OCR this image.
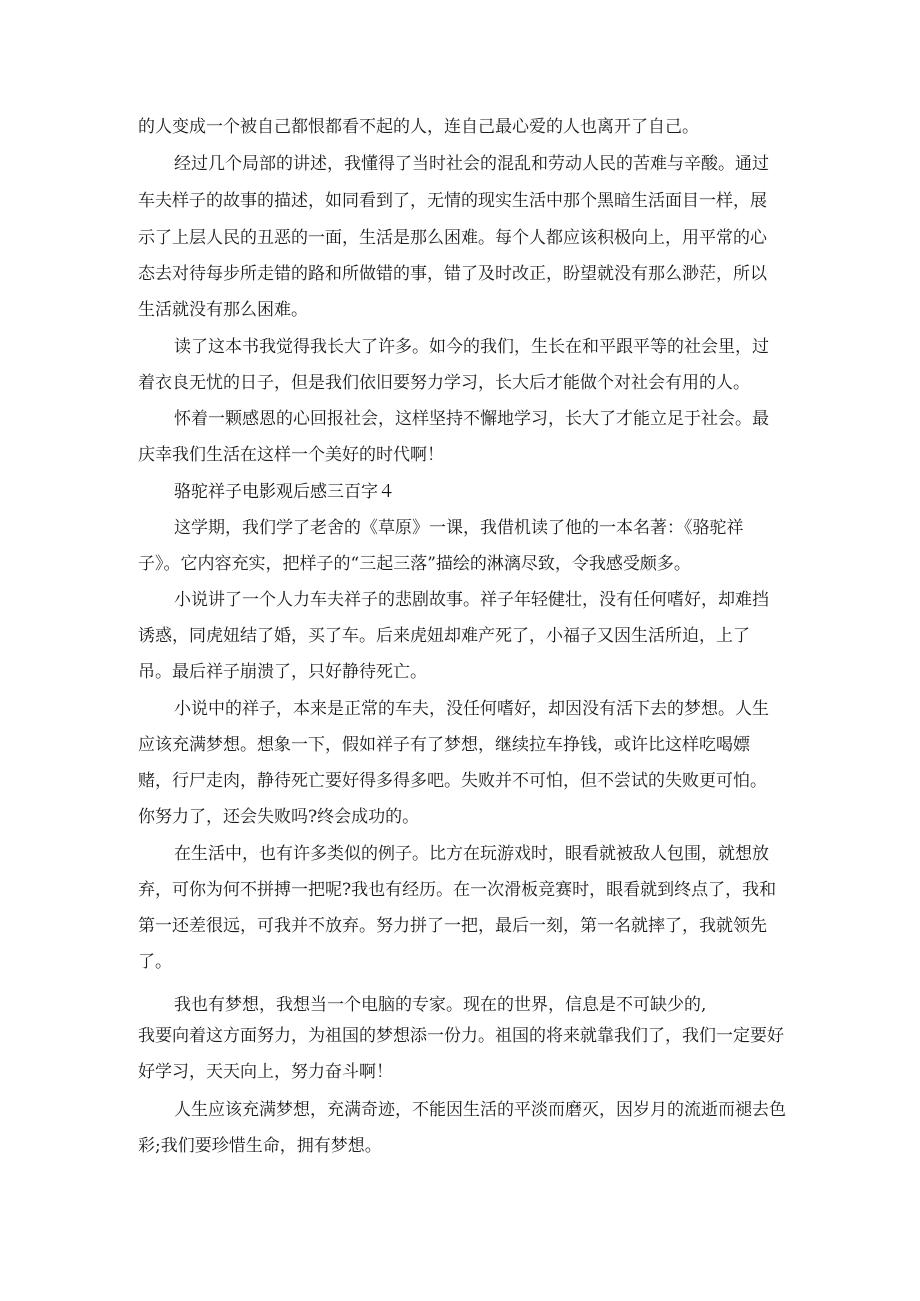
的人变成一个被自己都恨都看不起的人，连自己最心爱的人也离开了自己。
经过几个局部的讲述，我懂得了当时社会的混乱和劳动人民的苦难与辛酸。通过
车夫样子的故事的描述，如同看到了，无情的现实生活中那个黑暗生活面目一样，展
示了上层人民的丑恶的一面，生活是那么困难。每个人都应该积极向上，用平常的心
态去对待每步所走错的路和所做错的事，错了及时改正，盼望就没有那么渺茫，所以
生活就没有那么困难。
读了这本书我觉得我长大了许多。如今的我们，生长在和平跟平等的社会里，过
着衣良无忧的日子，但是我们依旧要努力学习，长大后才能做个对社会有用的人。
怀着一颗感恩的心回报社会，这样坚持不懈地学习，长大了才能立足于社会。最
庆幸我们生活在这样一个美好的时代啊！
骆驼祥子电影观后感三百字４
这学期，我们学了老舍的《草原》一课，我借机读了他的一本名著：《骆驼祥
子》。它内容充实，把样子的“三起三落”描绘的淋漓尽致，令我感受颇多。
小说讲了一个人力车夫祥子的悲剧故事。祥子年轻健壮，没有任何嗜好，却难挡
诱惑，同虎妞结了婚，买了车。后来虎妞却难产死了，小福子又因生活所迫，上了
吊。最后祥子崩溃了，只好静待死亡。
小说中的祥子，本来是正常的车夫，没任何嗜好，却因没有活下去的梦想。人生
应该充满梦想。想象一下，假如祥子有了梦想，继续拉车挣钱，或许比这样吃喝嫖
赌，行尸走肉，静待死亡要好得多得多吧。失败并不可怕，但不尝试的失败更可怕。
你努力了，还会失败吗?终会成功的。
在生活中，也有许多类似的例子。比方在玩游戏时，眼看就被敌人包围，就想放
弃，可你为何不拼搏一把呢?我也有经历。在一次滑板竞赛时，眼看就到终点了，我和
第一还差很远，可我并不放弃。努力拼了一把，最后一刻，第一名就摔了，我就领先
了。
我也有梦想，我想当一个电脑的专家。现在的世界，信息是不可缺少的,
我要向着这方面努力，为祖国的梦想添一份力。祖国的将来就靠我们了，我们一定要好
好学习，天天向上，努力奋斗啊！
人生应该充满梦想，充满奇迹，不能因生活的平淡而磨灭，因岁月的流逝而褪去色
彩;我们要珍惜生命，拥有梦想。
